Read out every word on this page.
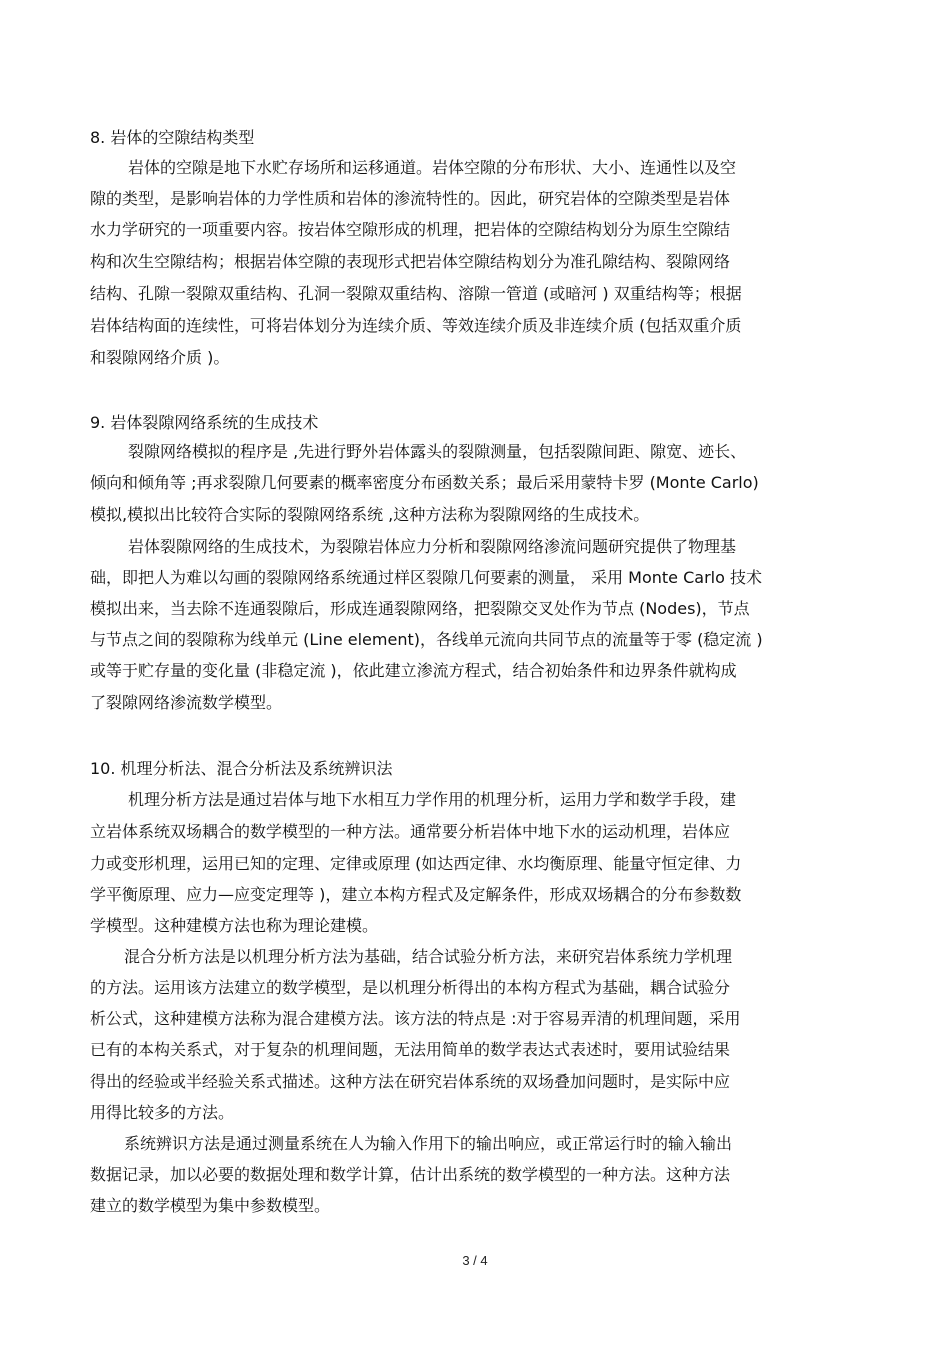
8. 岩体的空隙结构类型
岩体的空隙是地下水贮存场所和运移通道。岩体空隙的分布形状、大小、连通性以及空
隙的类型，是影响岩体的力学性质和岩体的渗流特性的。因此，研究岩体的空隙类型是岩体
水力学研究的一项重要内容。按岩体空隙形成的机理，把岩体的空隙结构划分为原生空隙结
构和次生空隙结构；根据岩体空隙的表现形式把岩体空隙结构划分为准孔隙结构、裂隙网络
结构、孔隙一裂隙双重结构、孔洞一裂隙双重结构、溶隙一管道 (或暗河 ) 双重结构等；根据
岩体结构面的连续性，可将岩体划分为连续介质、等效连续介质及非连续介质 (包括双重介质
和裂隙网络介质 )。
9. 岩体裂隙网络系统的生成技术
裂隙网络模拟的程序是 ,先进行野外岩体露头的裂隙测量，包括裂隙间距、隙宽、迹长、
倾向和倾角等 ;再求裂隙几何要素的概率密度分布函数关系；最后采用蒙特卡罗 (Monte Carlo)
模拟,模拟出比较符合实际的裂隙网络系统 ,这种方法称为裂隙网络的生成技术。
岩体裂隙网络的生成技术，为裂隙岩体应力分析和裂隙网络渗流问题研究提供了物理基
础，即把人为难以勾画的裂隙网络系统通过样区裂隙几何要素的测量， 采用 Monte Carlo 技术
模拟出来，当去除不连通裂隙后，形成连通裂隙网络，把裂隙交叉处作为节点 (Nodes)，节点
与节点之间的裂隙称为线单元 (Line element)，各线单元流向共同节点的流量等于零 (稳定流 )
或等于贮存量的变化量 (非稳定流 )，依此建立渗流方程式，结合初始条件和边界条件就构成
了裂隙网络渗流数学模型。
10. 机理分析法、混合分析法及系统辨识法
机理分析方法是通过岩体与地下水相互力学作用的机理分析，运用力学和数学手段，建
立岩体系统双场耦合的数学模型的一种方法。通常要分析岩体中地下水的运动机理，岩体应
力或变形机理，运用已知的定理、定律或原理 (如达西定律、水均衡原理、能量守恒定律、力
学平衡原理、应力—应变定理等 )，建立本构方程式及定解条件，形成双场耦合的分布参数数
学模型。这种建模方法也称为理论建模。
混合分析方法是以机理分析方法为基础，结合试验分析方法，来研究岩体系统力学机理
的方法。运用该方法建立的数学模型，是以机理分析得出的本构方程式为基础，耦合试验分
析公式，这种建模方法称为混合建模方法。该方法的特点是 :对于容易弄清的机理间题，采用
已有的本构关系式，对于复杂的机理间题，无法用简单的数学表达式表述时，要用试验结果
得出的经验或半经验关系式描述。这种方法在研究岩体系统的双场叠加问题时，是实际中应
用得比较多的方法。
系统辨识方法是通过测量系统在人为输入作用下的输出响应，或正常运行时的输入输出
数据记录，加以必要的数据处理和数学计算，估计出系统的数学模型的一种方法。这种方法
建立的数学模型为集中参数模型。
3 / 4
